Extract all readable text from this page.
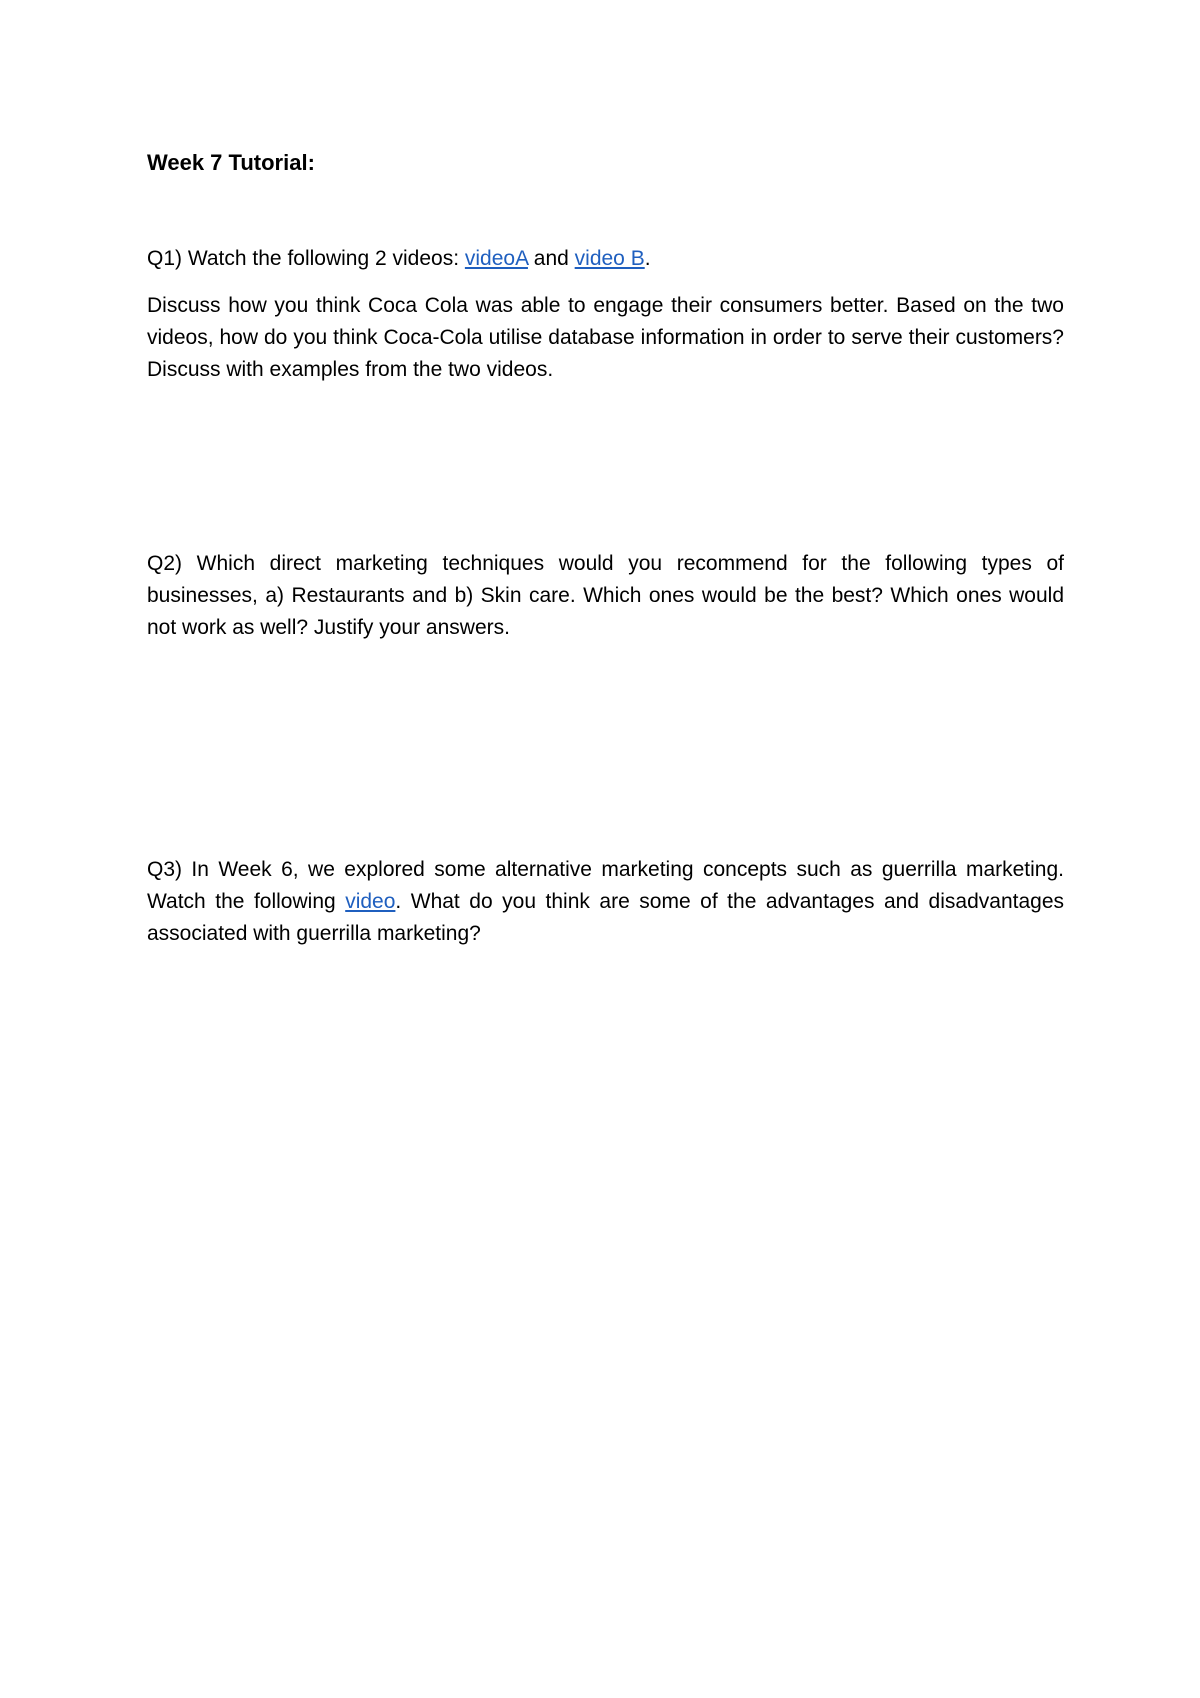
Week 7 Tutorial:

Q1) Watch the following 2 videos: videoA and video B.

Discuss how you think Coca Cola was able to engage their consumers better. Based on the two videos, how do you think Coca-Cola utilise database information in order to serve their customers? Discuss with examples from the two videos.

Q2) Which direct marketing techniques would you recommend for the following types of businesses, a) Restaurants and b) Skin care. Which ones would be the best? Which ones would not work as well? Justify your answers.

Q3) In Week 6, we explored some alternative marketing concepts such as guerrilla marketing. Watch the following video. What do you think are some of the advantages and disadvantages associated with guerrilla marketing?
